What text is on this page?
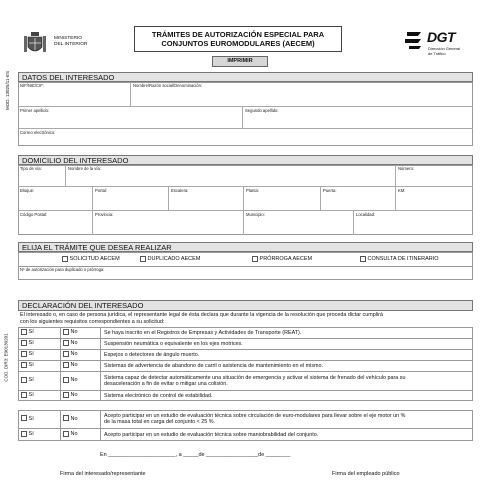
MOD. 13025/11-ES
COD. DIR3: E00130201
MINISTERIO
DEL INTERIOR
TRÁMITES DE AUTORIZACIÓN ESPECIAL PARA
CONJUNTOS EUROMODULARES (AECEM)
IMPRIMIR
DGT
Dirección General
de Tráfico
DATOS DEL INTERESADO
NIF/NIE/CIF:	Nombre/Razón social/Denominación:
Primer apellido:	Segundo apellido:
Correo electrónico:
DOMICILIO DEL INTERESADO
Tipo de vía:	Nombre de la vía:	Número:
Bloque:	Portal:	Escalera:	Planta:	Puerta:	KM:
Código Postal:	Provincia:	Municipio:	Localidad:
ELIJA EL TRÁMITE QUE DESEA REALIZAR
SOLICITUD AECEM	DUPLICADO AECEM	PRÓRROGA AECEM	CONSULTA DE ITINERARIO
Nº de autorización para duplicado o prórroga:
DECLARACIÓN DEL INTERESADO
El interesado o, en caso de persona jurídica, el representante legal de ésta declara que durante la vigencia de la resolución que proceda dictar cumplirá
con los siguientes requisitos correspondientes a su solicitud:
Sí	No	Se haya inscrito en el Registros de Empresas y Actividades de Transporte (REAT).
Sí	No	Suspensión neumática o equivalente en los ejes motrices.
Sí	No	Espejos o detectores de ángulo muerto.
Sí	No	Sistemas de advertencia de abandono de carril o asistencia de mantenimiento en el mismo.
Sí	No	Sistema capaz de detectar automáticamente una situación de emergencia y activar el sistema de frenado del vehículo para su
desaceleración a fin de evitar o mitigar una colisión.
Sí	No	Sistema electrónico de control de estabilidad.
Sí	No	Acepto participar en un estudio de evaluación técnica sobre circulación de euro-modulares para llevar sobre el eje motor un %
de la masa total en carga del conjunto < 25 %.
Sí	No	Acepto participar en un estudio de evaluación técnica sobre maniobrabilidad del conjunto.
En ______________________, a _____de _________________de ________
Firma del interesado/representante	Firma del empleado público
